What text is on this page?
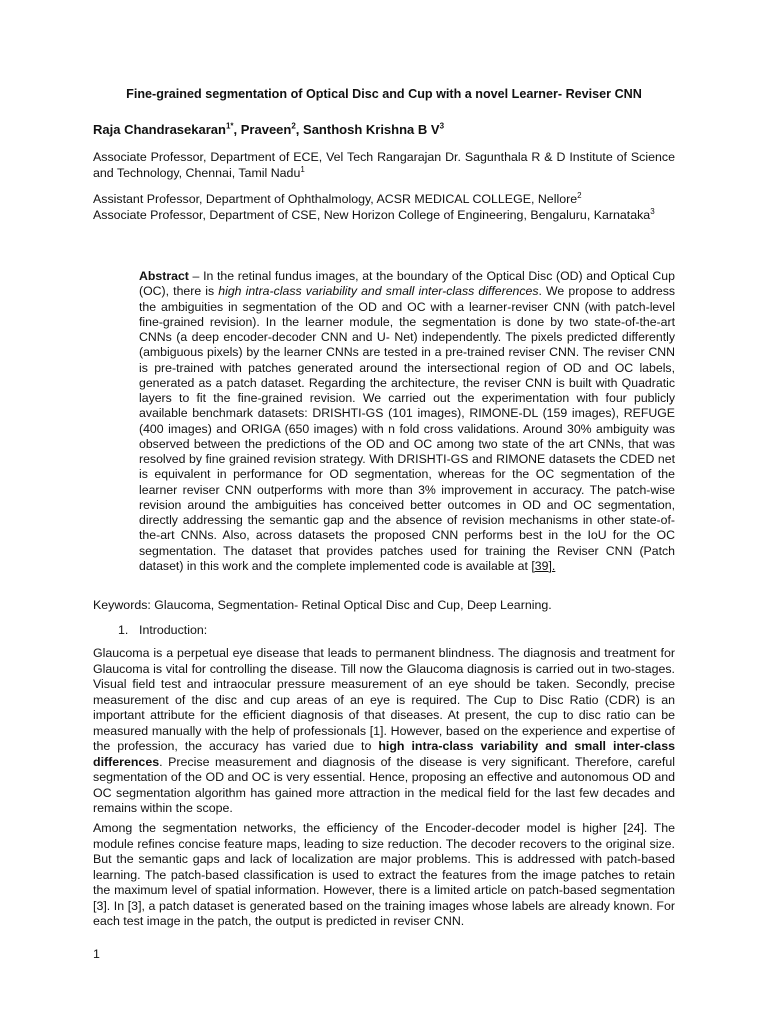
Fine-grained segmentation of Optical Disc and Cup with a novel Learner- Reviser CNN
Raja Chandrasekaran$^{1*}$, Praveen$^2$, Santhosh Krishna B $V^3$
Associate Professor, Department of ECE, Vel Tech Rangarajan Dr. Sagunthala R & D Institute of Science and Technology, Chennai, Tamil Nadu$^1$
Assistant Professor, Department of Ophthalmology, ACSR MEDICAL COLLEGE, Nellore$^2$
Associate Professor, Department of CSE, New Horizon College of Engineering, Bengaluru, Karnataka$^3$
Abstract – In the retinal fundus images, at the boundary of the Optical Disc (OD) and Optical Cup (OC), there is high intra-class variability and small inter-class differences. We propose to address the ambiguities in segmentation of the OD and OC with a learner-reviser CNN (with patch-level fine-grained revision). In the learner module, the segmentation is done by two state-of-the-art CNNs (a deep encoder-decoder CNN and U- Net) independently. The pixels predicted differently (ambiguous pixels) by the learner CNNs are tested in a pre-trained reviser CNN. The reviser CNN is pre-trained with patches generated around the intersectional region of OD and OC labels, generated as a patch dataset. Regarding the architecture, the reviser CNN is built with Quadratic layers to fit the fine-grained revision. We carried out the experimentation with four publicly available benchmark datasets: DRISHTI-GS (101 images), RIMONE-DL (159 images), REFUGE (400 images) and ORIGA (650 images) with n fold cross validations. Around 30% ambiguity was observed between the predictions of the OD and OC among two state of the art CNNs, that was resolved by fine grained revision strategy. With DRISHTI-GS and RIMONE datasets the CDED net is equivalent in performance for OD segmentation, whereas for the OC segmentation of the learner reviser CNN outperforms with more than 3% improvement in accuracy. The patch-wise revision around the ambiguities has conceived better outcomes in OD and OC segmentation, directly addressing the semantic gap and the absence of revision mechanisms in other state-of-the-art CNNs. Also, across datasets the proposed CNN performs best in the IoU for the OC segmentation. The dataset that provides patches used for training the Reviser CNN (Patch dataset) in this work and the complete implemented code is available at [39].
Keywords: Glaucoma, Segmentation- Retinal Optical Disc and Cup, Deep Learning.
1. Introduction:
Glaucoma is a perpetual eye disease that leads to permanent blindness. The diagnosis and treatment for Glaucoma is vital for controlling the disease. Till now the Glaucoma diagnosis is carried out in two-stages. Visual field test and intraocular pressure measurement of an eye should be taken. Secondly, precise measurement of the disc and cup areas of an eye is required. The Cup to Disc Ratio (CDR) is an important attribute for the efficient diagnosis of that diseases. At present, the cup to disc ratio can be measured manually with the help of professionals [1]. However, based on the experience and expertise of the profession, the accuracy has varied due to high intra-class variability and small inter-class differences. Precise measurement and diagnosis of the disease is very significant. Therefore, careful segmentation of the OD and OC is very essential. Hence, proposing an effective and autonomous OD and OC segmentation algorithm has gained more attraction in the medical field for the last few decades and remains within the scope.
Among the segmentation networks, the efficiency of the Encoder-decoder model is higher [24]. The module refines concise feature maps, leading to size reduction. The decoder recovers to the original size. But the semantic gaps and lack of localization are major problems. This is addressed with patch-based learning. The patch-based classification is used to extract the features from the image patches to retain the maximum level of spatial information. However, there is a limited article on patch-based segmentation [3]. In [3], a patch dataset is generated based on the training images whose labels are already known. For each test image in the patch, the output is predicted in reviser CNN.
1
